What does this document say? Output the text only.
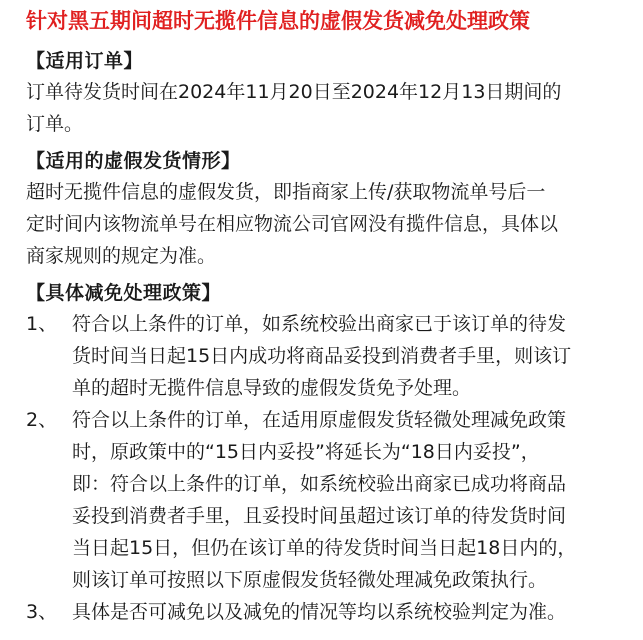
针对黑五期间超时无揽件信息的虚假发货减免处理政策
【适用订单】

订单待发货时间在2024年11月20日至2024年12月13日期间的
订单。

【适用的虚假发货情形】

超时无揽件信息的虚假发货，即指商家上传/获取物流单号后一
定时间内该物流单号在相应物流公司官网没有揽件信息，具体以
商家规则的规定为准。

【具体减免处理政策】
1、 符合以上条件的订单，如系统校验出商家已于该订单的待发
货时间当日起15日内成功将商品妥投到消费者手里，则该订
单的超时无揽件信息导致的虚假发货免予处理。
2、 符合以上条件的订单，在适用原虚假发货轻微处理减免政策
时，原政策中的“15日内妥投”将延长为“18日内妥投”，
即：符合以上条件的订单，如系统校验出商家已成功将商品
妥投到消费者手里，且妥投时间虽超过该订单的待发货时间
当日起15日，但仍在该订单的待发货时间当日起18日内的，
则该订单可按照以下原虚假发货轻微处理减免政策执行。
3、 具体是否可减免以及减免的情况等均以系统校验判定为准。
